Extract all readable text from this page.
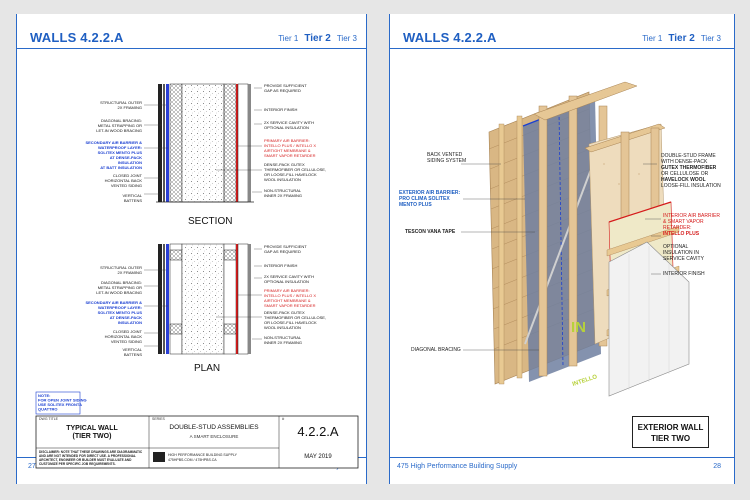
WALLS 4.2.2.A	Tier 1 Tier 2 Tier 3
27
SECTION
PLAN
STRUCTURAL OUTER 2X FRAMING
DIAGONAL BRACING: METAL STRAPPING OR LET-IN WOOD BRACING
SECONDARY AIR BARRIER & WATERPROOF LAYER: SOLITEX MENTO PLUS AT DENSE-PACK INSULATION AT BATT INSULATION
CLOSED JOINT HORIZONTAL BACK VENTED SIDING
VERTICAL BATTENS
PROVIDE SUFFICIENT GAP AS REQUIRED
INTERIOR FINISH
2X SERVICE CAVITY WITH OPTIONAL INSULATION
PRIMARY AIR BARRIER: INTELLO PLUS / INTELLO X AIRTIGHT MEMBRANE & SMART VAPOR RETARDER
DENSE-PACK GUTEX THERMOFIBER OR CELLULOSE, OR LOOSE-FILL HAVELOCK WOOL INSULATION
NON-STRUCTURAL INNER 2X FRAMING
STRUCTURAL OUTER 2X FRAMING
DIAGONAL BRACING: METAL STRAPPING OR LET-IN WOOD BRACING
SECONDARY AIR BARRIER & WATERPROOF LAYER: SOLITEX MENTO PLUS AT DENSE-PACK INSULATION
CLOSED JOINT HORIZONTAL BACK VENTED SIDING
VERTICAL BATTENS
PROVIDE SUFFICIENT GAP AS REQUIRED
INTERIOR FINISH
2X SERVICE CAVITY WITH OPTIONAL INSULATION
PRIMARY AIR BARRIER: INTELLO PLUS / INTELLO X AIRTIGHT MEMBRANE & SMART VAPOR RETARDER
DENSE-PACK GUTEX THERMOFIBER OR CELLULOSE, OR LOOSE-FILL HAVELOCK WOOL INSULATION
NON-STRUCTURAL INNER 2X FRAMING
NOTE: FOR OPEN JOINT SIDING USE SOLITEX FRONTA QUATTRO
DWG TITLE
TYPICAL WALL (TIER TWO)
SERIES
DOUBLE-STUD ASSEMBLIES
A SMART ENCLOSURE
#
4.2.2.A
MAY 2019
DISCLAIMER: NOTE THAT THESE DRAWINGS ARE DIAGRAMMATIC AND ARE NOT INTENDED FOR DIRECT USE. A PROFESSIONAL ARCHITECT, ENGINEER OR BUILDER MUST EVALUATE AND CUSTOMIZE PER SPECIFIC JOB REQUIREMENTS.
HIGH PERFORMANCE BUILDING SUPPLY
475HPBS.COM / 475HPBS.CA
WALLS 4.2.2.A	Tier 1 Tier 2 Tier 3
475 High Performance Building Supply	28
IN
INTELLO
BACK VENTED
SIDING SYSTEM
EXTERIOR AIR BARRIER:
PRO CLIMA SOLITEX
MENTO PLUS
TESCON VANA TAPE
DIAGONAL BRACING
DOUBLE-STUD FRAME
WITH DENSE-PACK
GUTEX THERMOFIBER
OR CELLULOSE OR
HAVELOCK WOOL
LOOSE-FILL INSULATION
INTERIOR AIR BARRIER
& SMART VAPOR
RETARDER:
INTELLO PLUS
OPTIONAL
INSULATION IN
SERVICE CAVITY
INTERIOR FINISH
EXTERIOR WALL
TIER TWO
